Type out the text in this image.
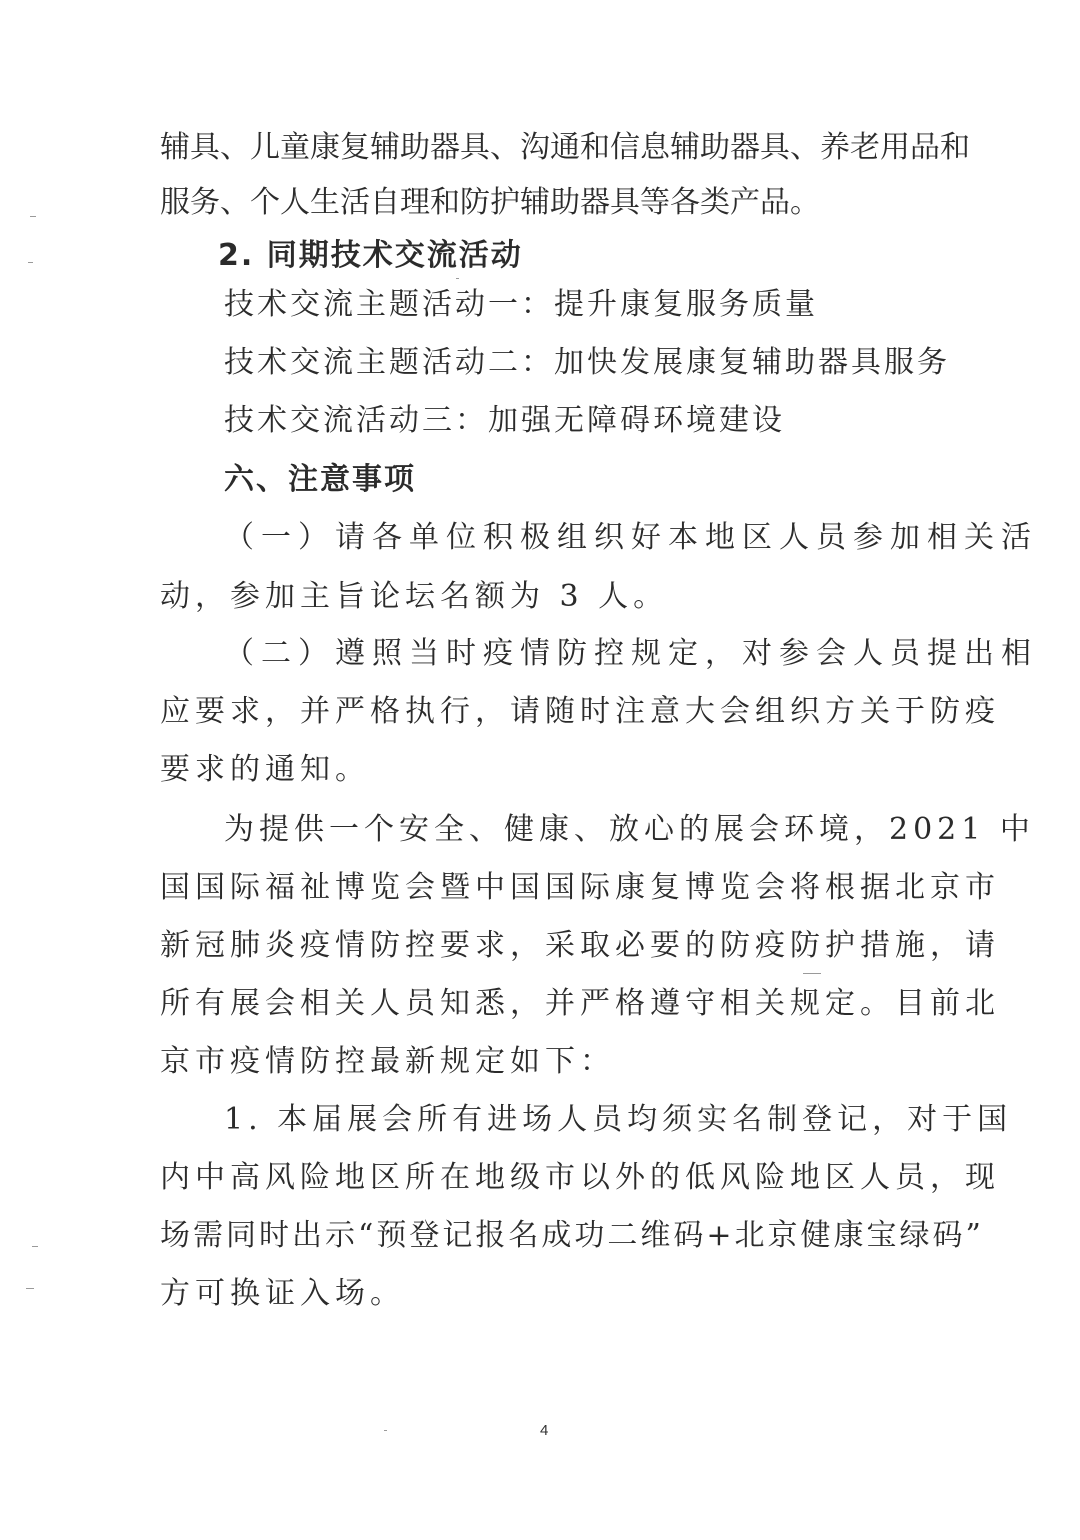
辅具、儿童康复辅助器具、沟通和信息辅助器具、养老用品和
服务、个人生活自理和防护辅助器具等各类产品。
2. 同期技术交流活动
技术交流主题活动一：提升康复服务质量
技术交流主题活动二：加快发展康复辅助器具服务
技术交流活动三：加强无障碍环境建设
六、注意事项
（一）请各单位积极组织好本地区人员参加相关活
动，参加主旨论坛名额为 3 人。
（二）遵照当时疫情防控规定，对参会人员提出相
应要求，并严格执行，请随时注意大会组织方关于防疫
要求的通知。
为提供一个安全、健康、放心的展会环境，2021 中
国国际福祉博览会暨中国国际康复博览会将根据北京市
新冠肺炎疫情防控要求，采取必要的防疫防护措施，请
所有展会相关人员知悉，并严格遵守相关规定。目前北
京市疫情防控最新规定如下：
1. 本届展会所有进场人员均须实名制登记，对于国
内中高风险地区所在地级市以外的低风险地区人员，现
场需同时出示“预登记报名成功二维码+北京健康宝绿码”
方可换证入场。
4
